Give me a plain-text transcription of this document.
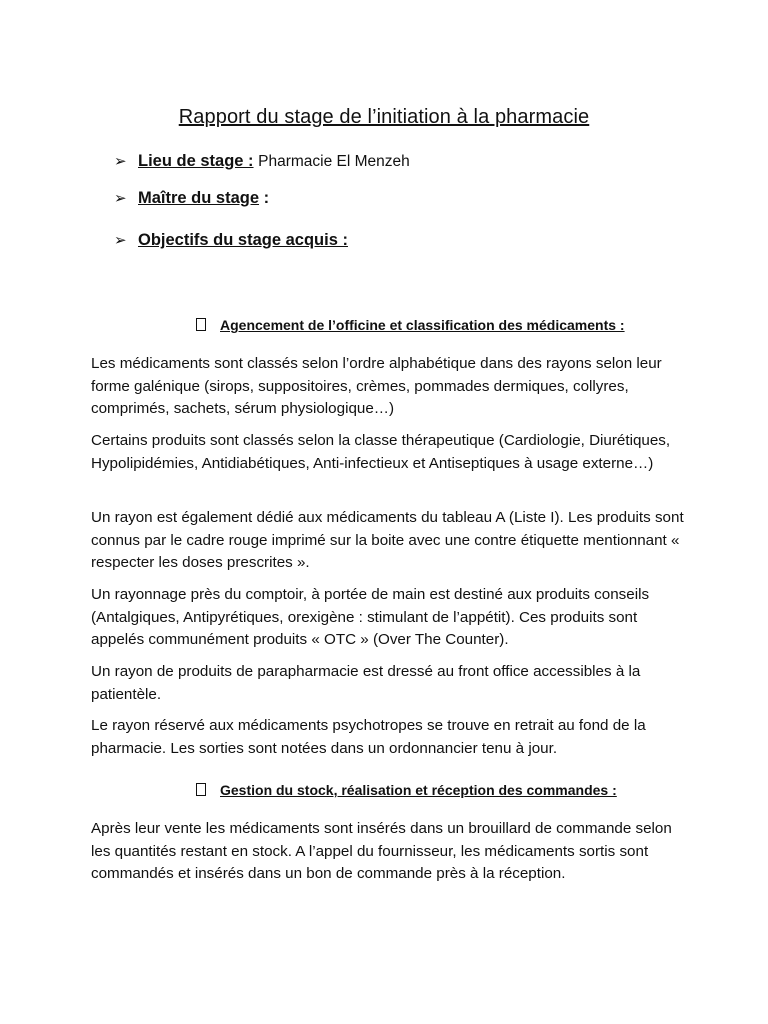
Rapport du stage de l’initiation à la pharmacie
➢ Lieu de stage : Pharmacie El Menzeh
➢ Maître du stage :
➢ Objectifs du stage acquis :
Agencement de l’officine et classification des médicaments :

Les médicaments sont classés selon l’ordre alphabétique dans des rayons selon leur forme galénique (sirops, suppositoires, crèmes, pommades dermiques, collyres, comprimés, sachets, sérum physiologique…)

Certains produits sont classés selon la classe thérapeutique (Cardiologie, Diurétiques, Hypolipidémies, Antidiabétiques, Anti-infectieux et Antiseptiques à usage externe…)

Un rayon est également dédié aux médicaments du tableau A (Liste I). Les produits sont connus par le cadre rouge imprimé sur la boite avec une contre étiquette mentionnant « respecter les doses prescrites ».

Un rayonnage près du comptoir, à portée de main est destiné aux produits conseils (Antalgiques, Antipyrétiques, orexigène : stimulant de l’appétit). Ces produits sont appelés communément produits « OTC » (Over The Counter).

Un rayon de produits de parapharmacie est dressé au front office accessibles à la patientèle.

Le rayon réservé aux médicaments psychotropes se trouve en retrait au fond de la pharmacie. Les sorties sont notées dans un ordonnancier tenu à jour.

Gestion du stock, réalisation et réception des commandes :

Après leur vente les médicaments sont insérés dans un brouillard de commande selon les quantités restant en stock. A l’appel du fournisseur, les médicaments sortis sont commandés et insérés dans un bon de commande près à la réception.
